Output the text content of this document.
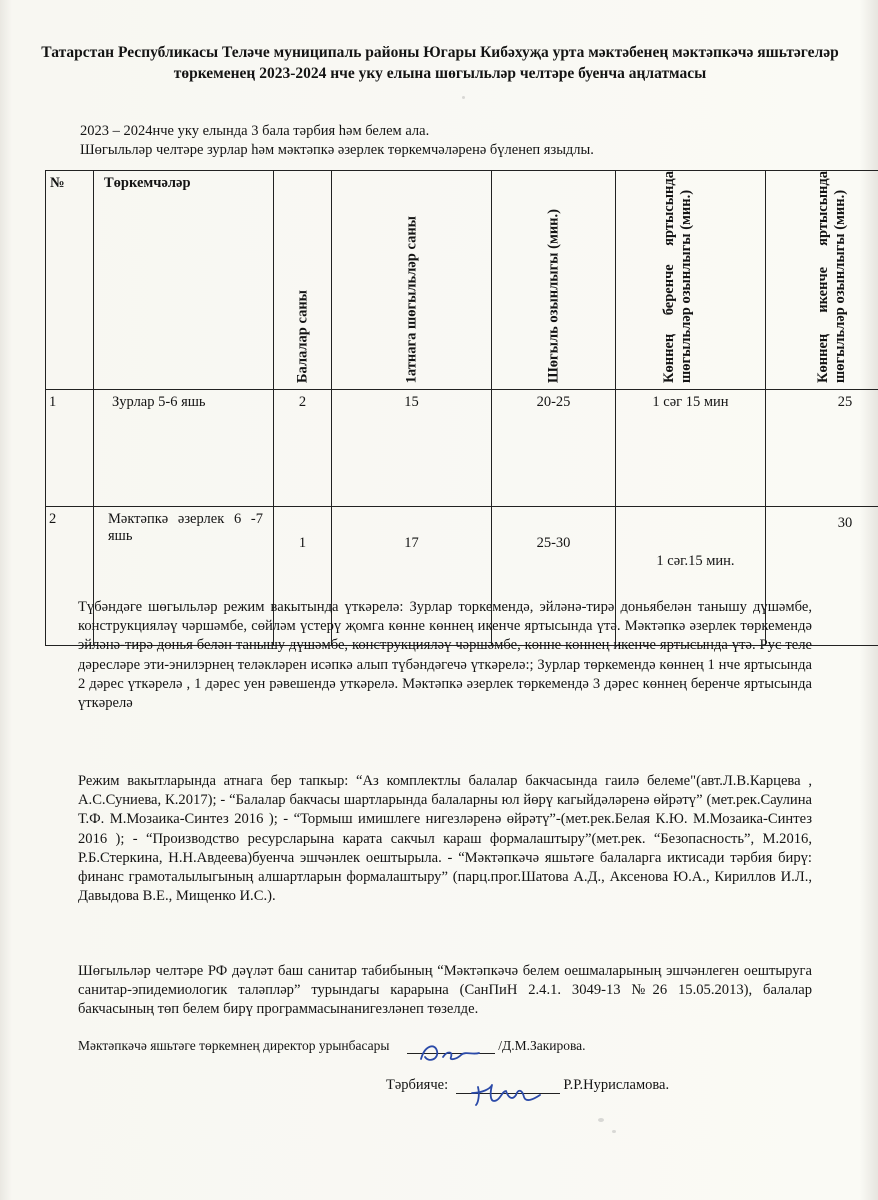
Татарстан Республикасы Теләче муниципаль районы Югары Кибәхуҗа урта мәктәбенең мәктәпкәчә яшьтәгеләр төркеменең 2023-2024 нче уку елына шөгыльләр челтәре буенча аңлатмасы
2023 – 2024нче уку елында 3 бала тәрбия һәм белем ала.
Шөгыльләр челтәре зурлар һәм мәктәпкә әзерлек төркемчәләренә бүленеп языдлы.
№	Төркемчәләр	Балалар саны	1атнага шөгыльләр саны	Шөгыль озынлыгы (мин.)	Көннең беренче яртысында шөгыльләр озынлыгы (мин.)	Көннең икенче яртысында шөгыльләр озынлыгы (мин.)

1	Зурлар 5-6 яшь	2	15	20-25	1 сәг 15 мин	25
2	Мәктәпкә әзерлек 6 -7 яшь	1	17	25-30	1 сәг.15 мин.	30
Түбәндәге шөгыльләр режим вакытында үткәрелә: Зурлар торкемендә, эйләнә-тирә доньябелән танышу дүшәмбе, конструкцияләү чәршәмбе, сөйләм үстерү җомга көнне көннең икенче яртысында үтә. Мәктәпкә әзерлек төркемендә эйләнә-тирә донья белән танышу дүшәмбе, конструкцияләү чәршәмбе, көнне көннең икенче яртысында үтә. Рус теле дәресләре эти-энилэрнең теләкләрен исәпкә алып түбәндәгечә үткәрелә:; Зурлар төркемендә көннең 1 нче яртысында 2 дәрес үткәрелә , 1 дәрес уен рәвешендә уткәрелә. Мәктәпкә әзерлек төркемендә 3 дәрес көннең беренче яртысында үткәрелә
Режим вакытларында атнага бер тапкыр: “Аз комплектлы балалар бакчасында гаилә белеме"(авт.Л.В.Карцева , А.С.Суниева, К.2017); - “Балалар бакчасы шартларында балаларны юл йөрү кагыйдәләренә өйрәтү” (мет.рек.Саулина Т.Ф. М.Мозаика-Синтез 2016 ); - “Тормыш имишлеге нигезләренә өйрәтү”-(мет.рек.Белая К.Ю. М.Мозаика-Синтез 2016 ); - “Производство ресурсларына карата сакчыл караш формалаштыру”(мет.рек. “Безопасность”, М.2016, Р.Б.Стеркина, Н.Н.Авдеева)буенча эшчәнлек оештырыла. - “Мәктәпкәчә яшьтәге балаларга иктисади тәрбия бирү: финанс грамоталылыгының алшартларын формалаштыру” (парц.прог.Шатова А.Д., Аксенова Ю.А., Кириллов И.Л., Давыдова В.Е., Мищенко И.С.).
Шөгыльләр челтәре РФ дәүләт баш санитар табибының “Мәктәпкәчә белем оешмаларының эшчәнлеген оештыруга санитар-эпидемиологик таләпләр” турындагы карарына (СанПиН 2.4.1. 3049-13 №26 15.05.2013), балалар бакчасының төп белем бирү программасынанигезләнеп төзелде.
Мәктәпкәчә яшьтәге төркемнең директор урынбасары	/Д.М.Закирова.
Тәрбияче:	Р.Р.Нурисламова.
